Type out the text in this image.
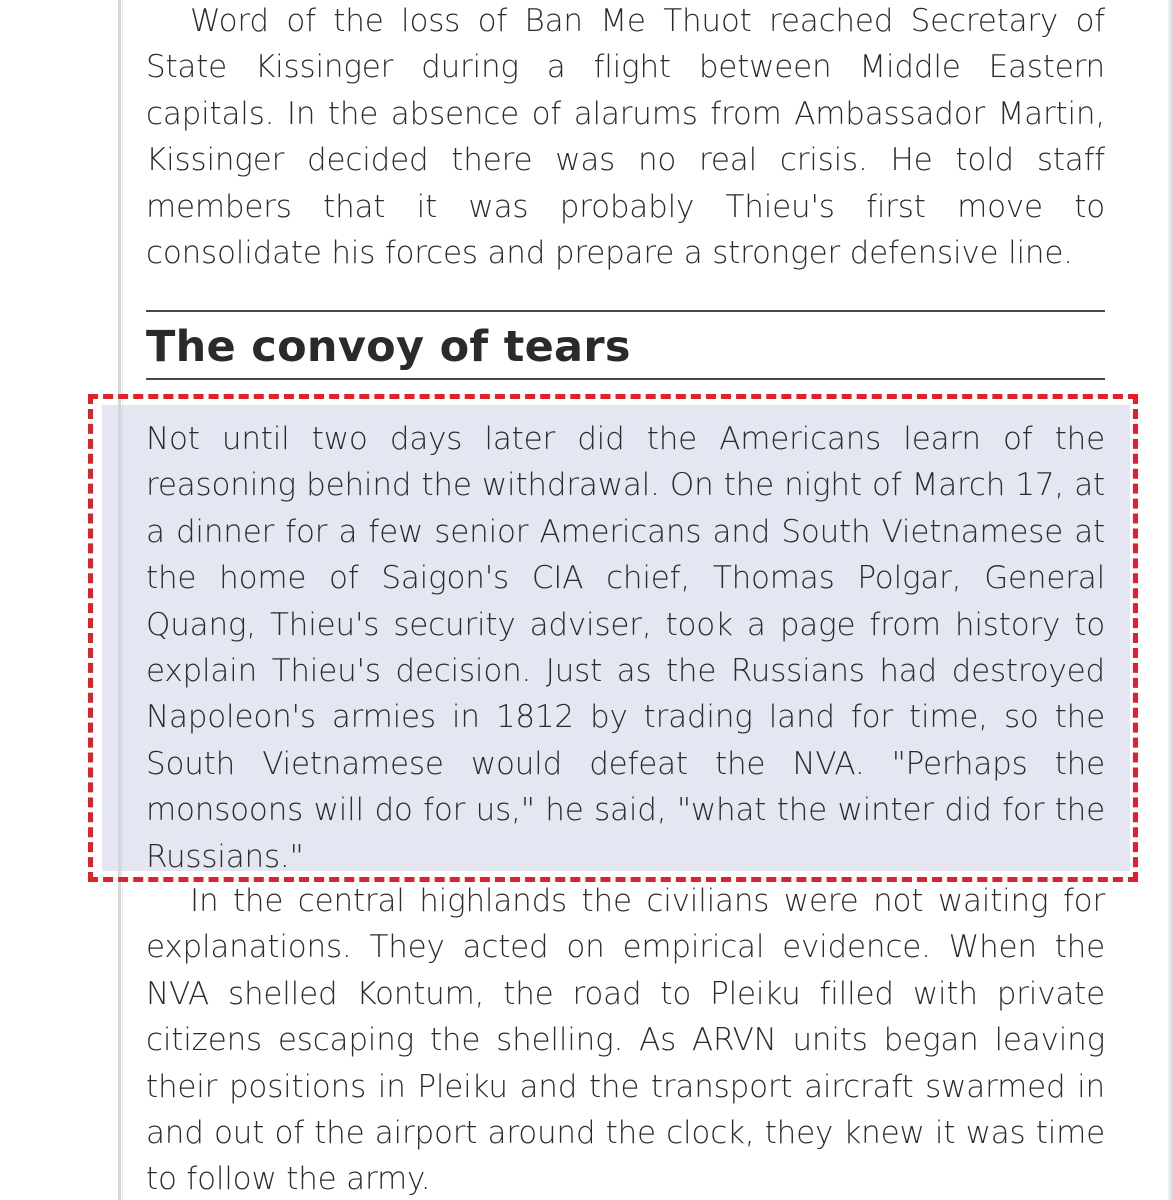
Word of the loss of Ban Me Thuot reached Secretary of State Kissinger during a flight between Middle Eastern capitals. In the absence of alarums from Ambassador Martin, Kissinger decided there was no real crisis. He told staff members that it was probably Thieu's first move to consolidate his forces and prepare a stronger defensive line.

The convoy of tears

Not until two days later did the Americans learn of the reasoning behind the withdrawal. On the night of March 17, at a dinner for a few senior Americans and South Vietnamese at the home of Saigon's CIA chief, Thomas Polgar, General Quang, Thieu's security adviser, took a page from history to explain Thieu's decision. Just as the Russians had destroyed Napoleon's armies in 1812 by trading land for time, so the South Vietnamese would defeat the NVA. "Perhaps the monsoons will do for us," he said, "what the winter did for the Russians."

In the central highlands the civilians were not waiting for explanations. They acted on empirical evidence. When the NVA shelled Kontum, the road to Pleiku filled with private citizens escaping the shelling. As ARVN units began leaving their positions in Pleiku and the transport aircraft swarmed in and out of the airport around the clock, they knew it was time to follow the army.
